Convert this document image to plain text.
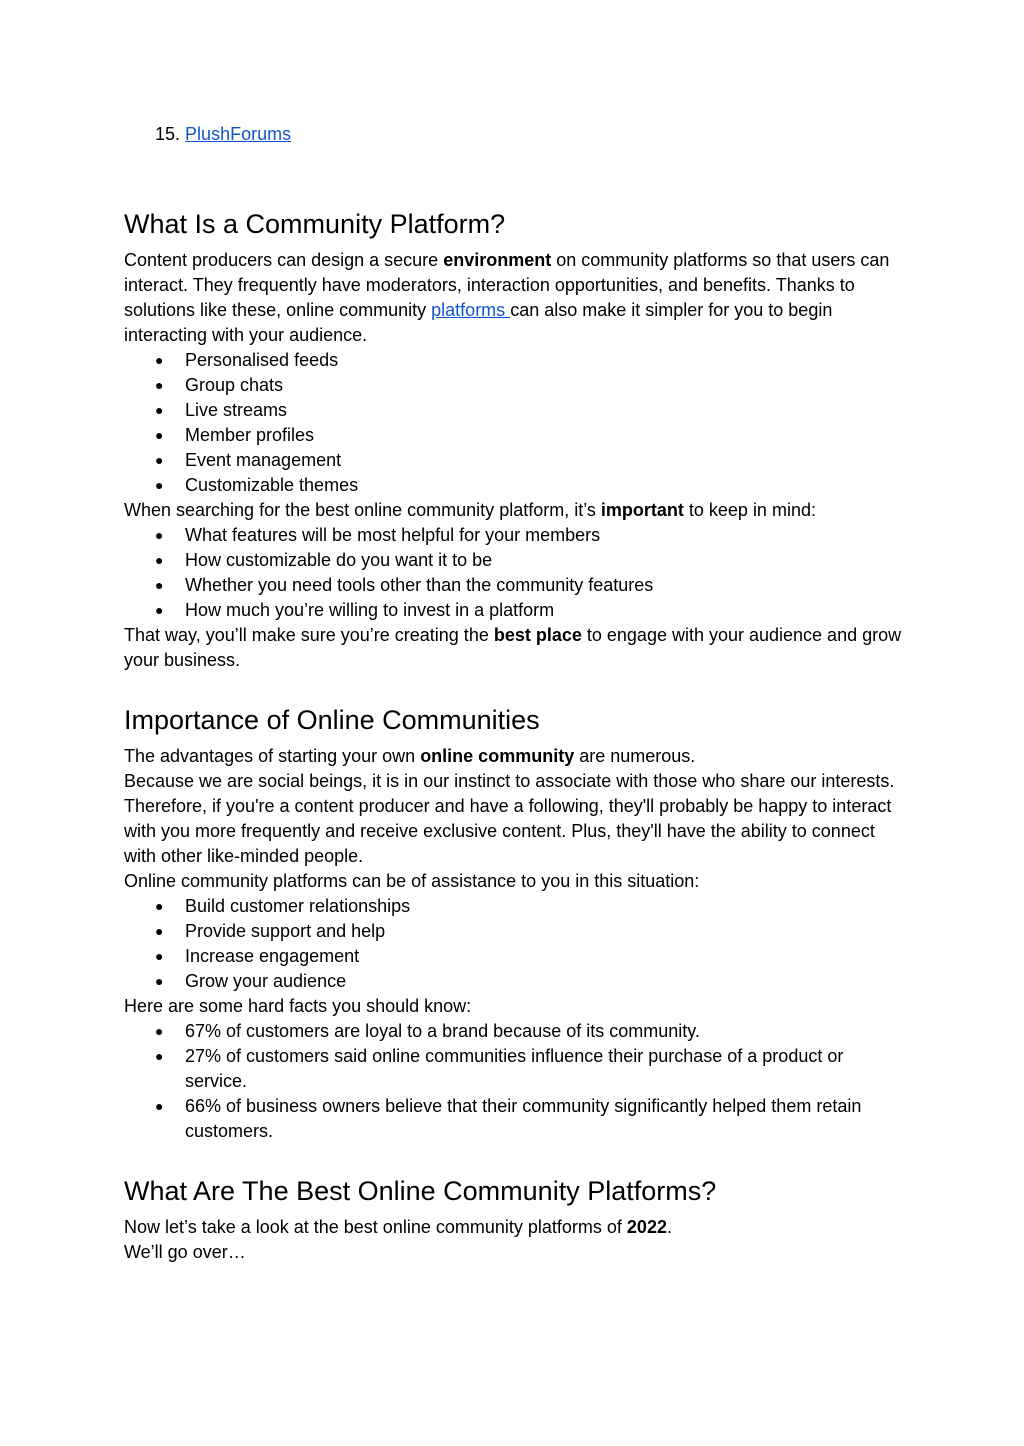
15. PlushForums
What Is a Community Platform?

Content producers can design a secure environment on community platforms so that users can interact. They frequently have moderators, interaction opportunities, and benefits. Thanks to solutions like these, online community platforms can also make it simpler for you to begin interacting with your audience.

● Personalised feeds
● Group chats
● Live streams
● Member profiles
● Event management
● Customizable themes

When searching for the best online community platform, it’s important to keep in mind:

● What features will be most helpful for your members
● How customizable do you want it to be
● Whether you need tools other than the community features
● How much you’re willing to invest in a platform

That way, you’ll make sure you’re creating the best place to engage with your audience and grow your business.

Importance of Online Communities

The advantages of starting your own online community are numerous.

Because we are social beings, it is in our instinct to associate with those who share our interests.

Therefore, if you're a content producer and have a following, they'll probably be happy to interact with you more frequently and receive exclusive content. Plus, they'll have the ability to connect with other like-minded people.

Online community platforms can be of assistance to you in this situation:

● Build customer relationships
● Provide support and help
● Increase engagement
● Grow your audience

Here are some hard facts you should know:

● 67% of customers are loyal to a brand because of its community.
● 27% of customers said online communities influence their purchase of a product or service.
● 66% of business owners believe that their community significantly helped them retain customers.
What Are The Best Online Community Platforms?

Now let’s take a look at the best online community platforms of 2022.

We’ll go over…
